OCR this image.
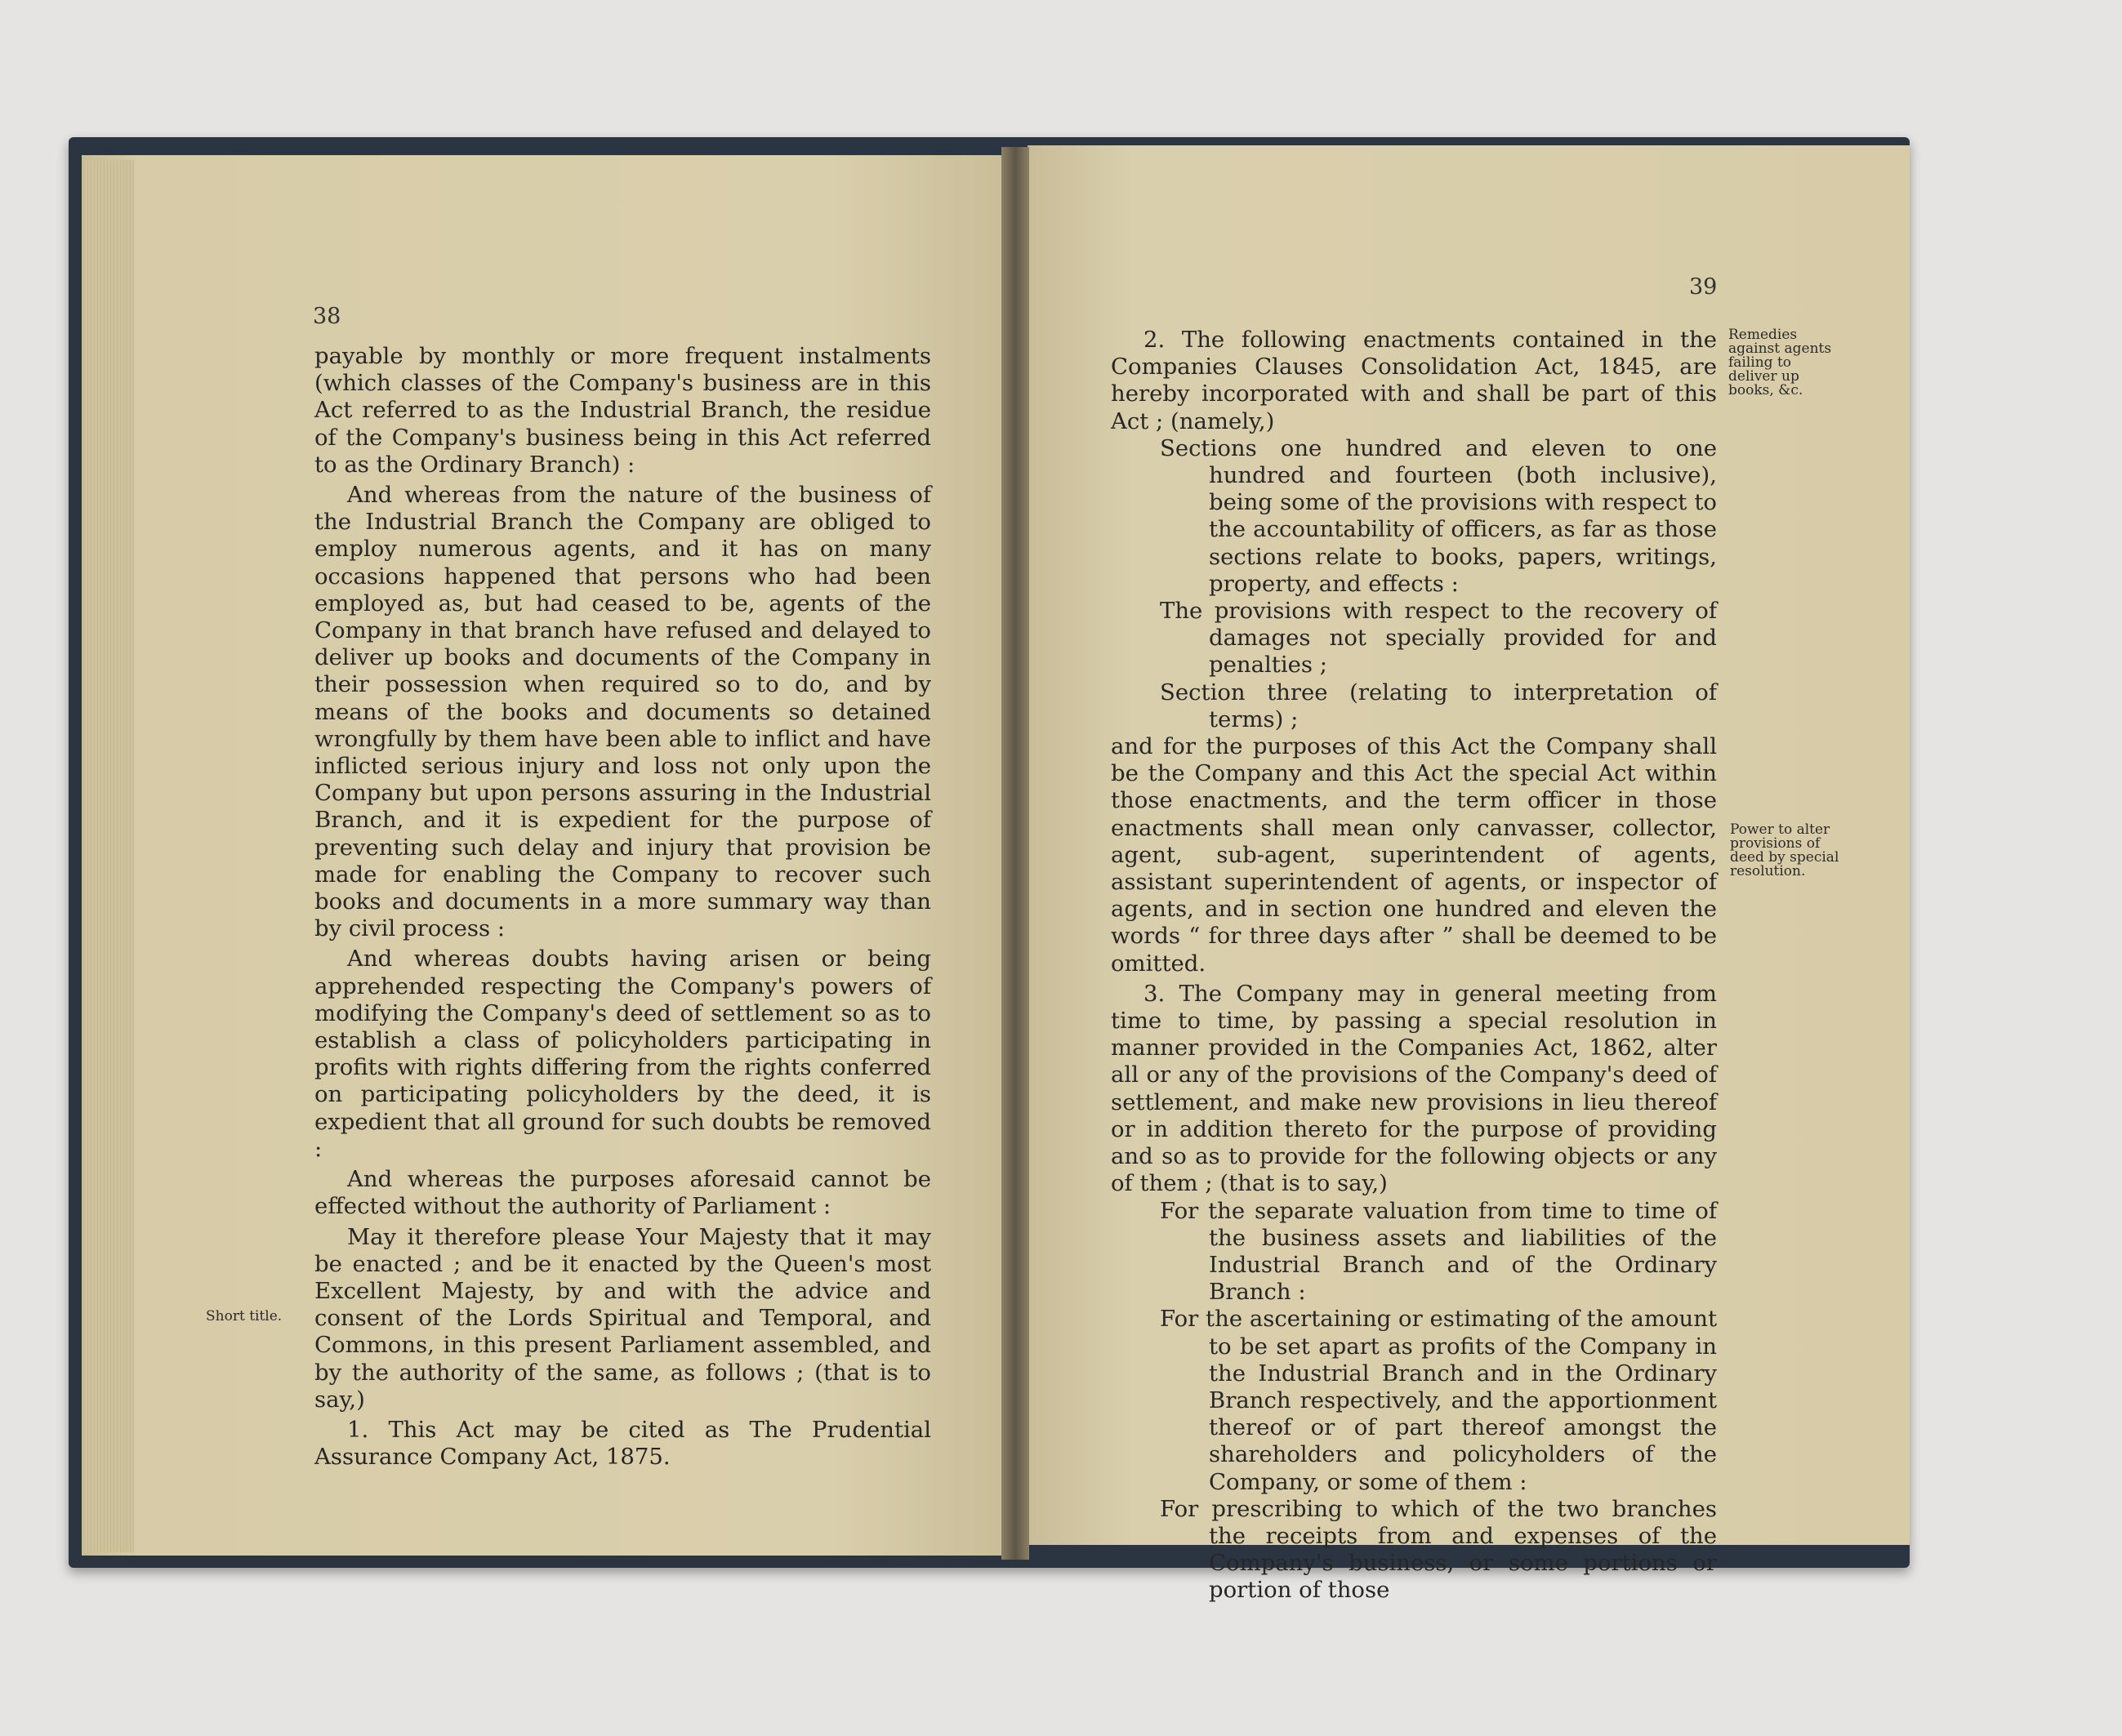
38

payable by monthly or more frequent instalments (which classes of the Company's business are in this Act referred to as the Industrial Branch, the residue of the Company's business being in this Act referred to as the Ordinary Branch) :

And whereas from the nature of the business of the Industrial Branch the Company are obliged to employ numerous agents, and it has on many occasions happened that persons who had been employed as, but had ceased to be, agents of the Company in that branch have refused and delayed to deliver up books and documents of the Company in their possession when required so to do, and by means of the books and documents so detained wrongfully by them have been able to inflict and have inflicted serious injury and loss not only upon the Company but upon persons assuring in the Industrial Branch, and it is expedient for the purpose of preventing such delay and injury that provision be made for enabling the Company to recover such books and documents in a more summary way than by civil process :

And whereas doubts having arisen or being apprehended respecting the Company's powers of modifying the Company's deed of settlement so as to establish a class of policyholders participating in profits with rights differing from the rights conferred on participating policyholders by the deed, it is expedient that all ground for such doubts be removed :

And whereas the purposes aforesaid cannot be effected without the authority of Parliament :

May it therefore please Your Majesty that it may be enacted ; and be it enacted by the Queen's most Excellent Majesty, by and with the advice and consent of the Lords Spiritual and Temporal, and Commons, in this present Parliament assembled, and by the authority of the same, as follows ; (that is to say,)

1. This Act may be cited as The Prudential Assurance Company Act, 1875.

Short title.
39

2. The following enactments contained in the Companies Clauses Consolidation Act, 1845, are hereby incorporated with and shall be part of this Act ; (namely,)

Sections one hundred and eleven to one hundred and fourteen (both inclusive), being some of the provisions with respect to the accountability of officers, as far as those sections relate to books, papers, writings, property, and effects :

The provisions with respect to the recovery of damages not specially provided for and penalties ;

Section three (relating to interpretation of terms) ;

and for the purposes of this Act the Company shall be the Company and this Act the special Act within those enactments, and the term officer in those enactments shall mean only canvasser, collector, agent, sub-agent, superintendent of agents, assistant superintendent of agents, or inspector of agents, and in section one hundred and eleven the words “ for three days after ” shall be deemed to be omitted.

3. The Company may in general meeting from time to time, by passing a special resolution in manner provided in the Companies Act, 1862, alter all or any of the provisions of the Company's deed of settlement, and make new provisions in lieu thereof or in addition thereto for the purpose of providing and so as to provide for the following objects or any of them ; (that is to say,)

For the separate valuation from time to time of the business assets and liabilities of the Industrial Branch and of the Ordinary Branch :

For the ascertaining or estimating of the amount to be set apart as profits of the Company in the Industrial Branch and in the Ordinary Branch respectively, and the apportionment thereof or of part thereof amongst the shareholders and policyholders of the Company, or some of them :

For prescribing to which of the two branches the receipts from and expenses of the Company's business, or some portions or portion of those

Remedies against agents failing to deliver up books, &c.
Power to alter provisions of deed by special resolution.
